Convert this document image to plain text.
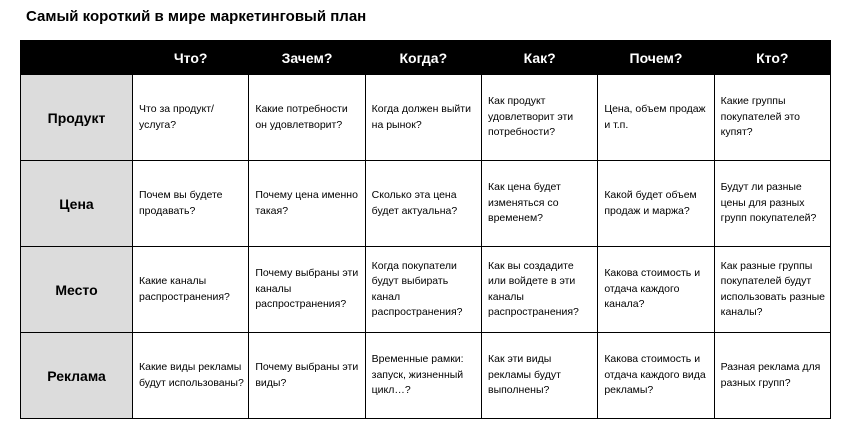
Самый короткий в мире маркетинговый план
	Что?	Зачем?	Когда?	Как?	Почем?	Кто?
Продукт	Что за продукт/услуга?	Какие потребности он удовлетворит?	Когда должен выйти на рынок?	Как продукт удовлетворит эти потребности?	Цена, объем продаж и т.п.	Какие группы покупателей это купят?
Цена	Почем вы будете продавать?	Почему цена именно такая?	Сколько эта цена будет актуальна?	Как цена будет изменяться со временем?	Какой будет объем продаж и маржа?	Будут ли разные цены для разных групп покупателей?
Место	Какие каналы распространения?	Почему выбраны эти каналы распространения?	Когда покупатели будут выбирать канал распространения?	Как вы создадите или войдете в эти каналы распространения?	Какова стоимость и отдача каждого канала?	Как разные группы покупателей будут использовать разные каналы?
Реклама	Какие виды рекламы будут использованы?	Почему выбраны эти виды?	Временные рамки: запуск, жизненный цикл…?	Как эти виды рекламы будут выполнены?	Какова стоимость и отдача каждого вида рекламы?	Разная реклама для разных групп?
